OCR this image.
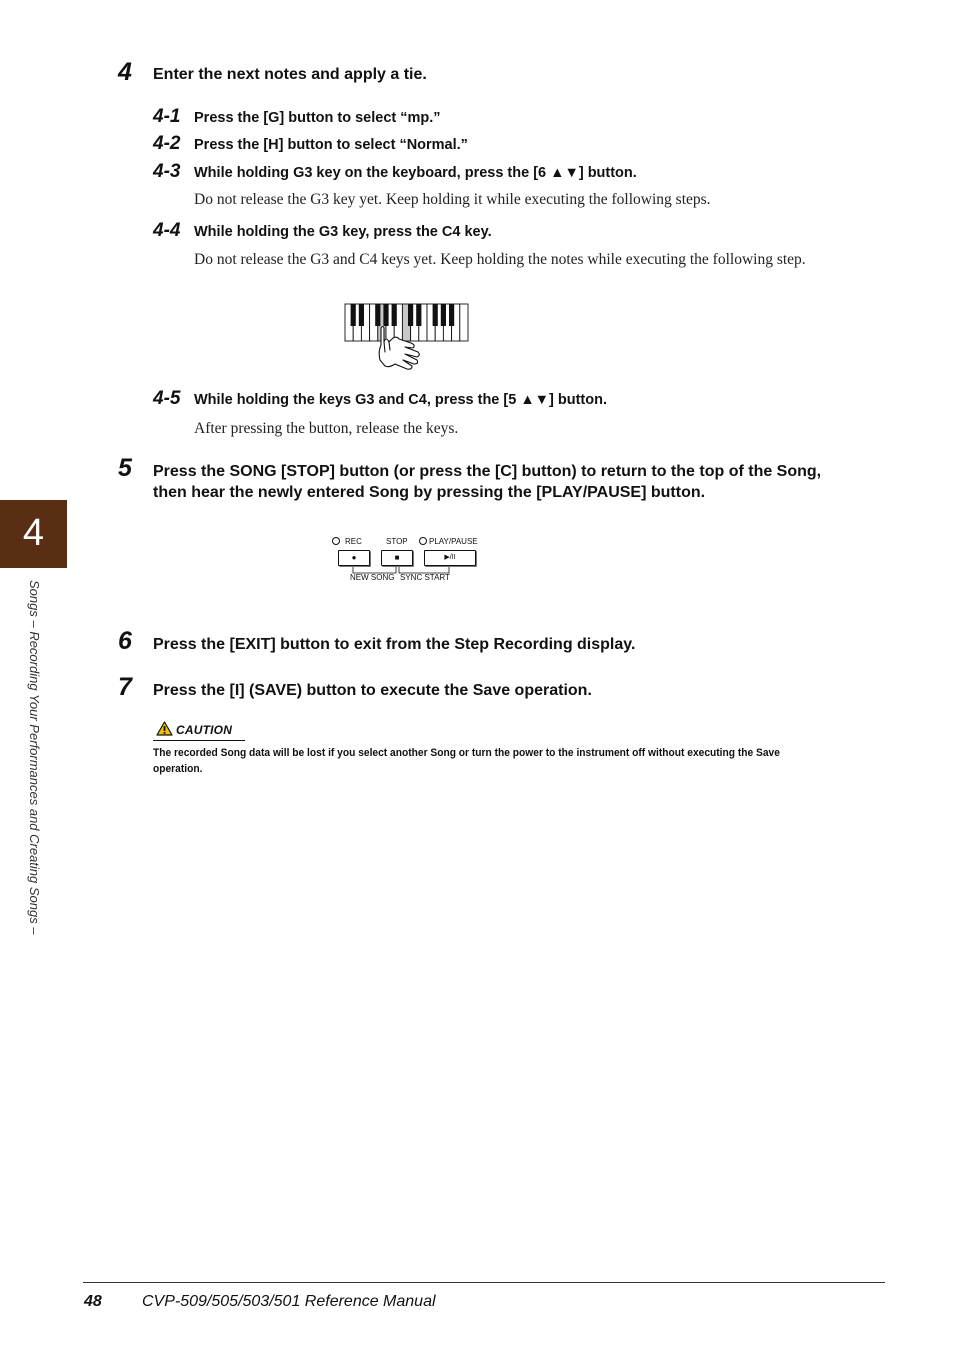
4
Songs – Recording Your Performances and Creating Songs –
4 Enter the next notes and apply a tie.
4-1 Press the [G] button to select “mp.”
4-2 Press the [H] button to select “Normal.”
4-3 While holding G3 key on the keyboard, press the [6 ▲▼] button.
Do not release the G3 key yet. Keep holding it while executing the following steps.
4-4 While holding the G3 key, press the C4 key.
Do not release the G3 and C4 keys yet. Keep holding the notes while executing the following step.
4-5 While holding the keys G3 and C4, press the [5 ▲▼] button.
After pressing the button, release the keys.
5 Press the SONG [STOP] button (or press the [C] button) to return to the top of the Song, then hear the newly entered Song by pressing the [PLAY/PAUSE] button.
REC	STOP	PLAY/PAUSE
●	■	▶/II
NEW SONG SYNC START
6 Press the [EXIT] button to exit from the Step Recording display.
7 Press the [I] (SAVE) button to execute the Save operation.
CAUTION
The recorded Song data will be lost if you select another Song or turn the power to the instrument off without executing the Save operation.
48	CVP-509/505/503/501 Reference Manual
